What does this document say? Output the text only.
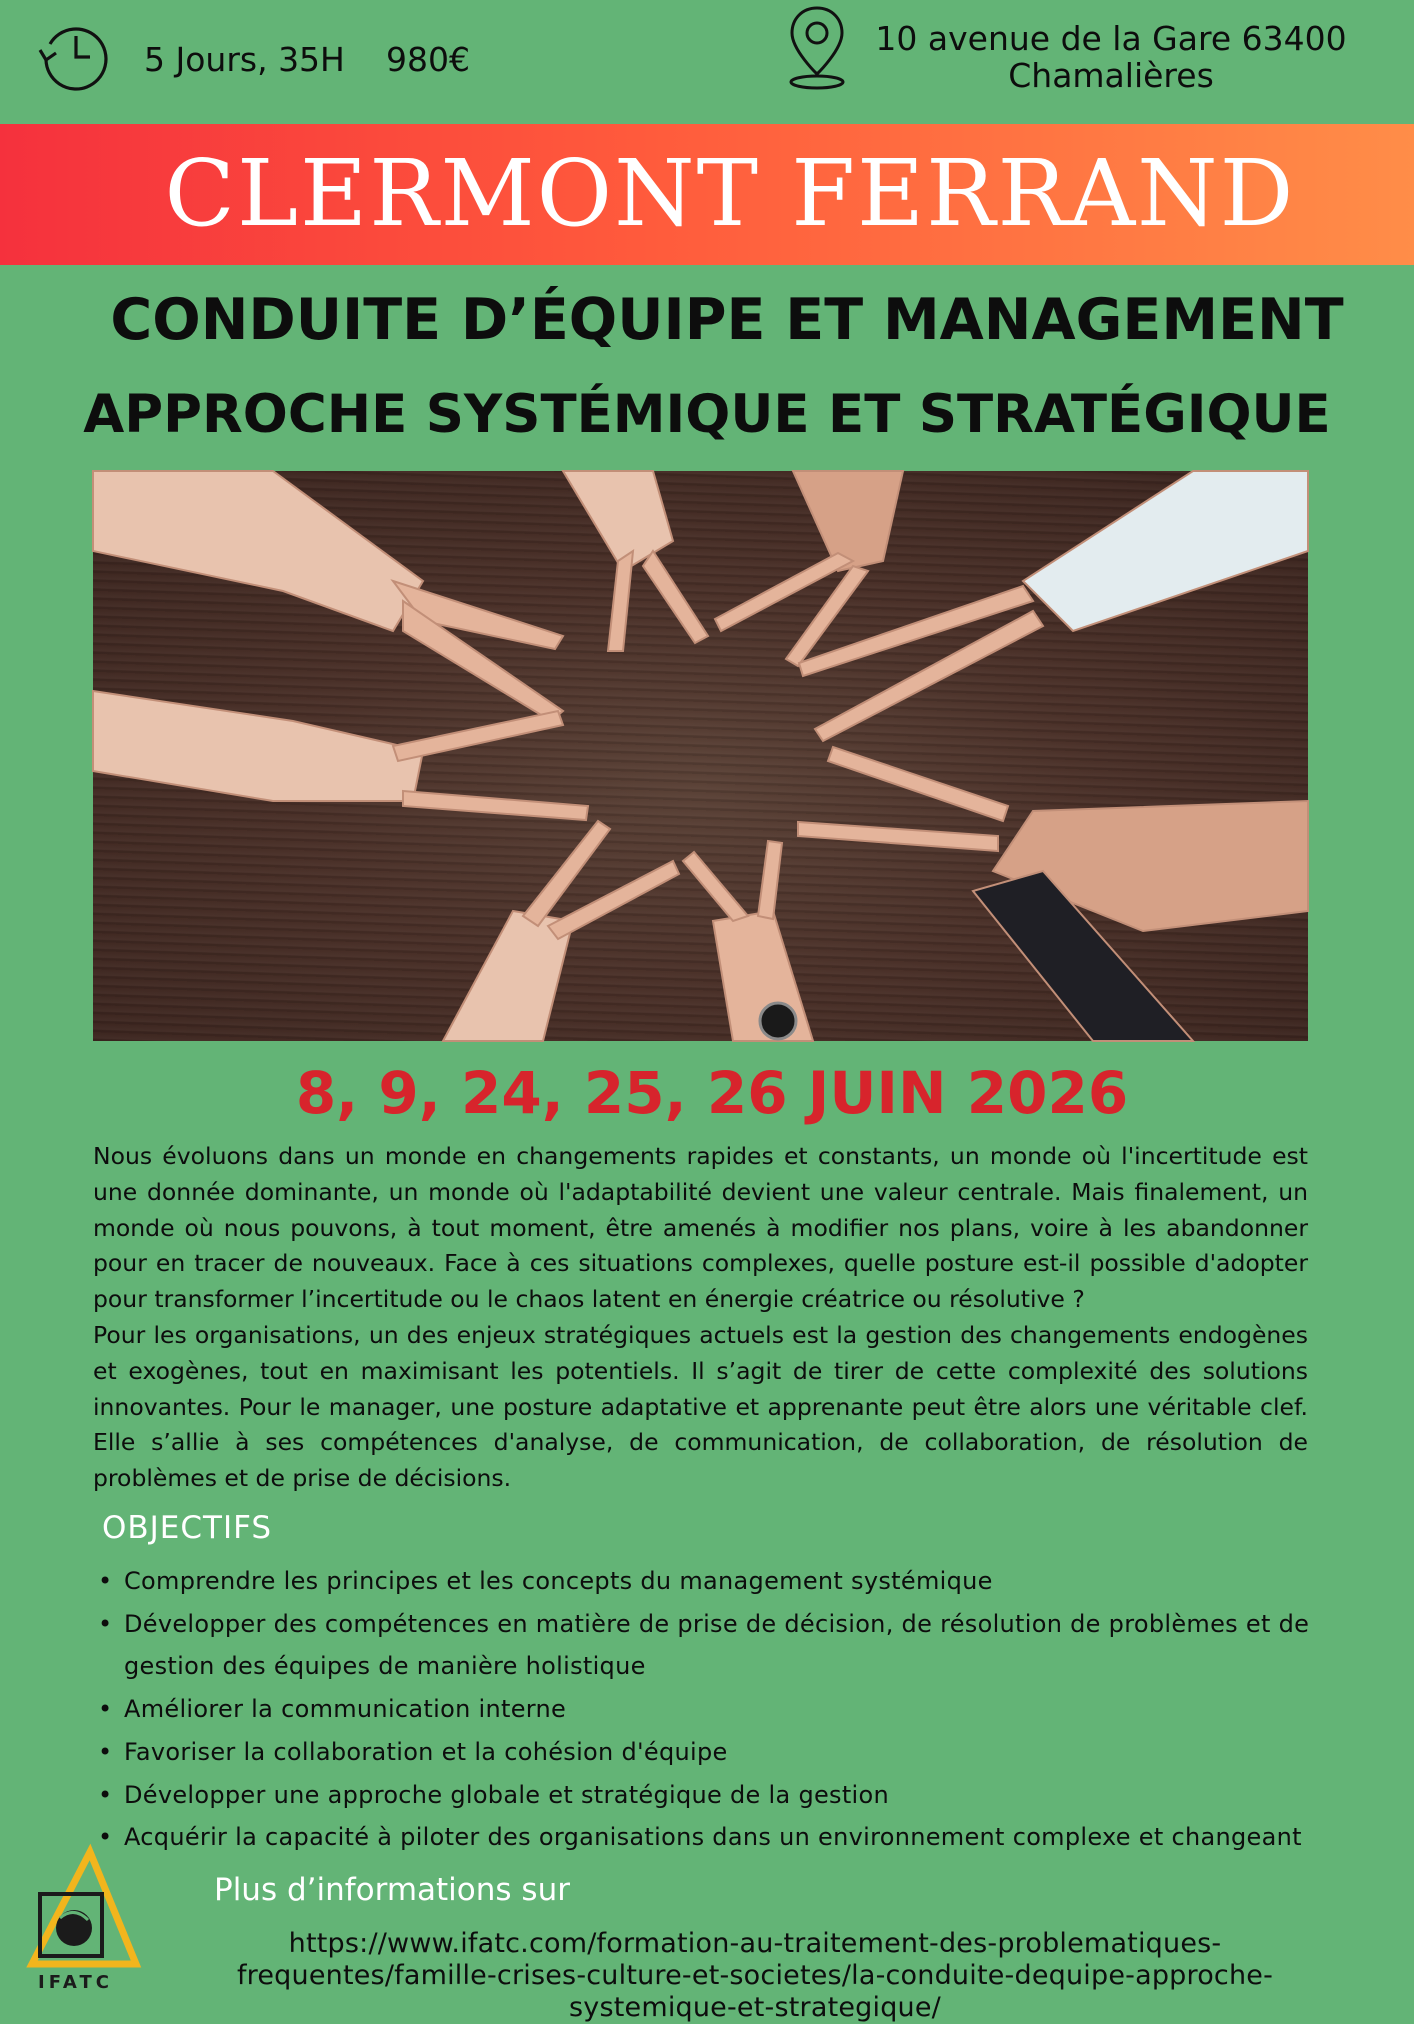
5 Jours, 35H 980€
10 avenue de la Gare 63400 Chamalières
CLERMONT FERRAND
CONDUITE D’ÉQUIPE ET MANAGEMENT
APPROCHE SYSTÉMIQUE ET STRATÉGIQUE
8, 9, 24, 25, 26 JUIN 2026

Nous évoluons dans un monde en changements rapides et constants, un monde où l'incertitude est une donnée dominante, un monde où l'adaptabilité devient une valeur centrale. Mais finalement, un monde où nous pouvons, à tout moment, être amenés à modifier nos plans, voire à les abandonner pour en tracer de nouveaux. Face à ces situations complexes, quelle posture est-il possible d'adopter pour transformer l’incertitude ou le chaos latent en énergie créatrice ou résolutive ?

Pour les organisations, un des enjeux stratégiques actuels est la gestion des changements endogènes et exogènes, tout en maximisant les potentiels. Il s’agit de tirer de cette complexité des solutions innovantes. Pour le manager, une posture adaptative et apprenante peut être alors une véritable clef. Elle s’allie à ses compétences d'analyse, de communication, de collaboration, de résolution de problèmes et de prise de décisions.

OBJECTIFS
• Comprendre les principes et les concepts du management systémique
• Développer des compétences en matière de prise de décision, de résolution de problèmes et de gestion des équipes de manière holistique
• Améliorer la communication interne
• Favoriser la collaboration et la cohésion d'équipe
• Développer une approche globale et stratégique de la gestion
• Acquérir la capacité à piloter des organisations dans un environnement complexe et changeant
IFATC
Plus d’informations sur
https://www.ifatc.com/formation-au-traitement-des-problematiques-frequentes/famille-crises-culture-et-societes/la-conduite-dequipe-approche-systemique-et-strategique/
